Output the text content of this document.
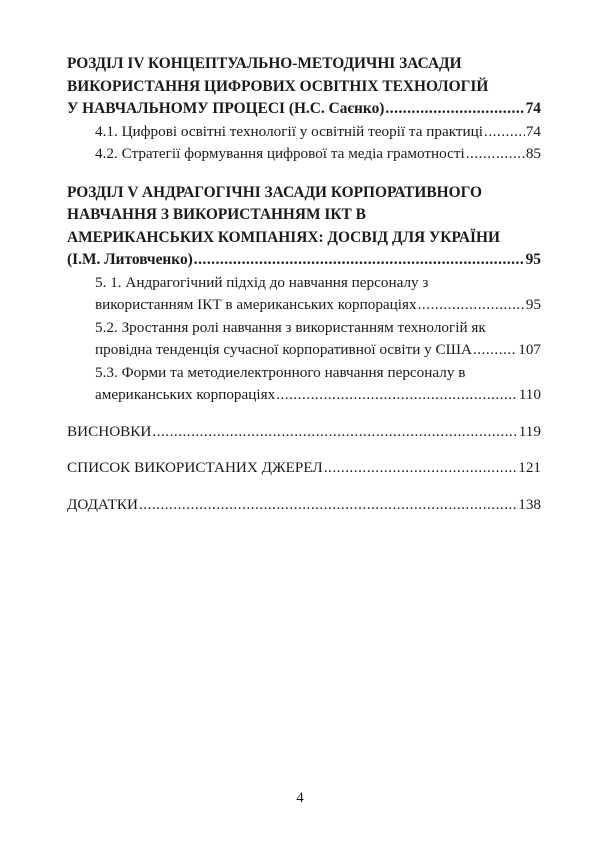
РОЗДІЛ IV КОНЦЕПТУАЛЬНО-МЕТОДИЧНІ ЗАСАДИ
ВИКОРИСТАННЯ ЦИФРОВИХ ОСВІТНІХ ТЕХНОЛОГІЙ
У НАВЧАЛЬНОМУ ПРОЦЕСІ (Н.С. Саєнко) .....	74
4.1. Цифрові освітні технології у освітній теорії та практиці .....	74
4.2. Стратегії формування цифрової та медіа грамотності .....	85
РОЗДІЛ V АНДРАГОГІЧНІ ЗАСАДИ КОРПОРАТИВНОГО
НАВЧАННЯ З ВИКОРИСТАННЯМ ІКТ В
АМЕРИКАНСЬКИХ КОМПАНІЯХ: ДОСВІД ДЛЯ УКРАЇНИ
(І.М. Литовченко) .....	95
5. 1. Андрагогічний підхід до навчання персоналу з
використанням ІКТ в американських корпораціях .....	95
5.2. Зростання ролі навчання з використанням технологій як
провідна тенденція сучасної корпоративної освіти у США .....	107
5.3. Форми та методиелектронного навчання персоналу в
американських корпораціях .....	110
ВИСНОВКИ .....	119
СПИСОК ВИКОРИСТАНИХ ДЖЕРЕЛ .....	121
ДОДАТКИ .....	138
4
